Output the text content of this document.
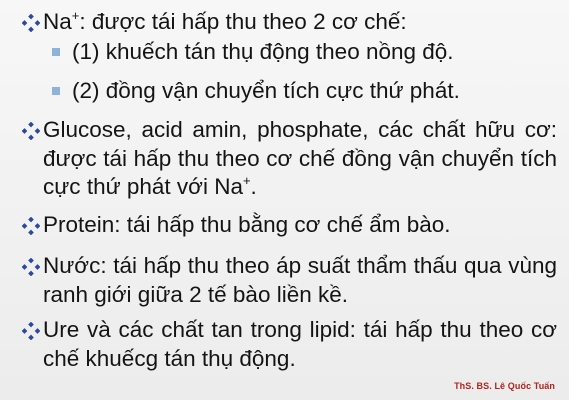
Na+: được tái hấp thu theo 2 cơ chế:
(1) khuếch tán thụ động theo nồng độ.
(2) đồng vận chuyển tích cực thứ phát.
Glucose, acid amin, phosphate, các chất hữu cơ: được tái hấp thu theo cơ chế đồng vận chuyển tích cực thứ phát với Na+.
Protein: tái hấp thu bằng cơ chế ẩm bào.
Nước: tái hấp thu theo áp suất thẩm thấu qua vùng ranh giới giữa 2 tế bào liền kề.
Ure và các chất tan trong lipid: tái hấp thu theo cơ chế khuếcg tán thụ động.
ThS. BS. Lê Quốc Tuấn
